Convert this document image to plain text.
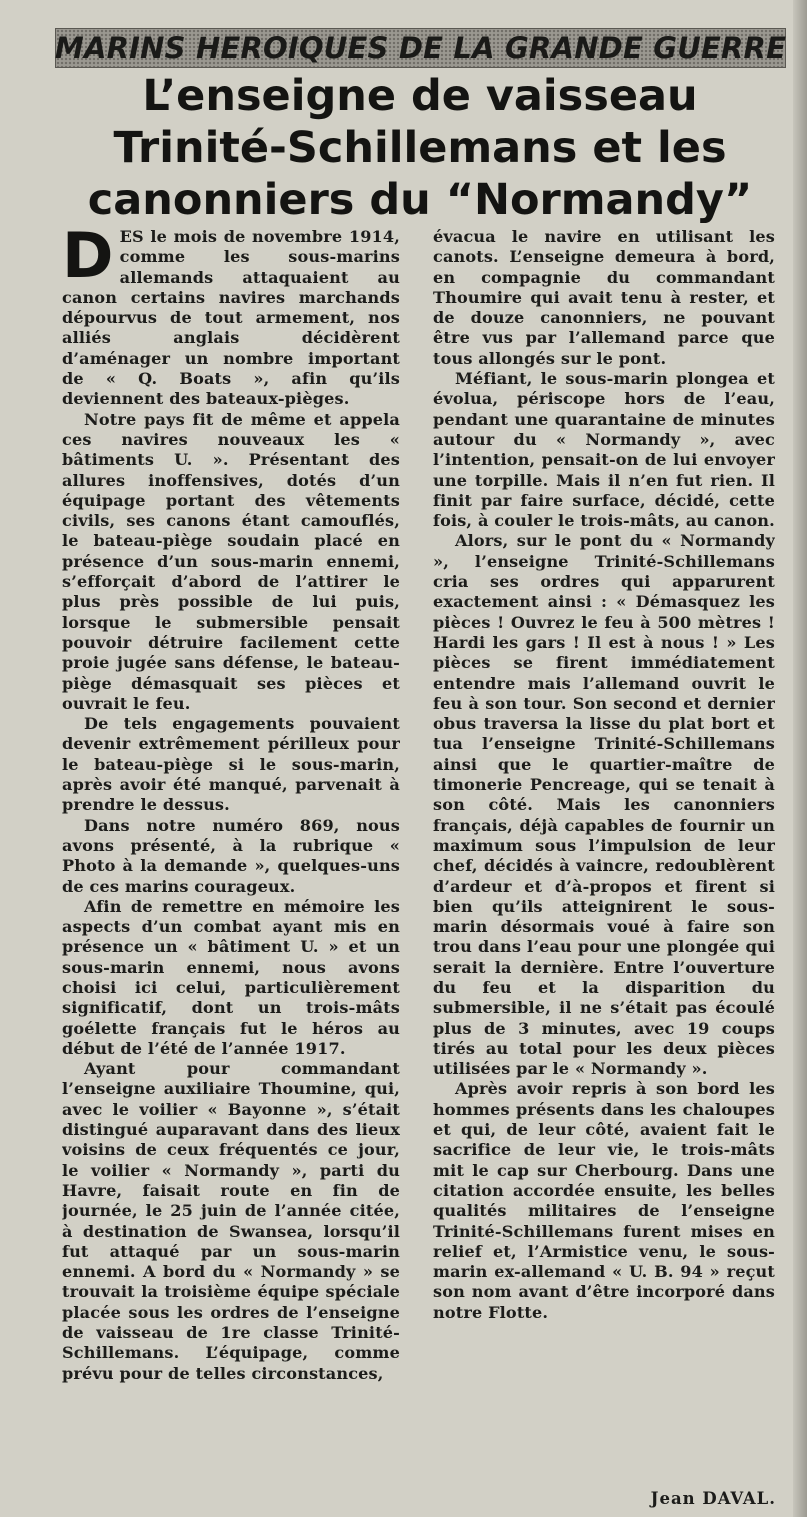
MARINS HEROIQUES DE LA GRANDE GUERRE
L’enseigne de vaisseau
Trinité-Schillemans et les
canonniers du “Normandy”

DES le mois de novembre 1914, comme les sous-marins allemands attaquaient au canon certains navires marchands dépourvus de tout armement, nos alliés anglais décidèrent d’aménager un nombre important de « Q. Boats », afin qu’ils deviennent des bateaux-pièges.

Notre pays fit de même et appela ces navires nouveaux les « bâtiments U. ». Présentant des allures inoffensives, dotés d’un équipage portant des vêtements civils, ses canons étant camouflés, le bateau-piège soudain placé en présence d’un sous-marin ennemi, s’efforçait d’abord de l’attirer le plus près possible de lui puis, lorsque le submersible pensait pouvoir détruire facilement cette proie jugée sans défense, le bateau-piège démasquait ses pièces et ouvrait le feu.

De tels engagements pouvaient devenir extrêmement périlleux pour le bateau-piège si le sous-marin, après avoir été manqué, parvenait à prendre le dessus.

Dans notre numéro 869, nous avons présenté, à la rubrique « Photo à la demande », quelques-uns de ces marins courageux.

Afin de remettre en mémoire les aspects d’un combat ayant mis en présence un « bâtiment U. » et un sous-marin ennemi, nous avons choisi ici celui, particulièrement significatif, dont un trois-mâts goélette français fut le héros au début de l’été de l’année 1917.

Ayant pour commandant l’enseigne auxiliaire Thoumine, qui, avec le voilier « Bayonne », s’était distingué auparavant dans des lieux voisins de ceux fréquentés ce jour, le voilier « Normandy », parti du Havre, faisait route en fin de journée, le 25 juin de l’année citée, à destination de Swansea, lorsqu’il fut attaqué par un sous-marin ennemi. A bord du « Normandy » se trouvait la troisième équipe spéciale placée sous les ordres de l’enseigne de vaisseau de 1re classe Trinité-Schillemans. L’équipage, comme prévu pour de telles circonstances,

évacua le navire en utilisant les canots. L’enseigne demeura à bord, en compagnie du commandant Thoumire qui avait tenu à rester, et de douze canonniers, ne pouvant être vus par l’allemand parce que tous allongés sur le pont.

Méfiant, le sous-marin plongea et évolua, périscope hors de l’eau, pendant une quarantaine de minutes autour du « Normandy », avec l’intention, pensait-on de lui envoyer une torpille. Mais il n’en fut rien. Il finit par faire surface, décidé, cette fois, à couler le trois-mâts, au canon.

Alors, sur le pont du « Normandy », l’enseigne Trinité-Schillemans cria ses ordres qui apparurent exactement ainsi : « Démasquez les pièces ! Ouvrez le feu à 500 mètres ! Hardi les gars ! Il est à nous ! » Les pièces se firent immédiatement entendre mais l’allemand ouvrit le feu à son tour. Son second et dernier obus traversa la lisse du plat bort et tua l’enseigne Trinité-Schillemans ainsi que le quartier-maître de timonerie Pencreage, qui se tenait à son côté. Mais les canonniers français, déjà capables de fournir un maximum sous l’impulsion de leur chef, décidés à vaincre, redoublèrent d’ardeur et d’à-propos et firent si bien qu’ils atteignirent le sous-marin désormais voué à faire son trou dans l’eau pour une plongée qui serait la dernière. Entre l’ouverture du feu et la disparition du submersible, il ne s’était pas écoulé plus de 3 minutes, avec 19 coups tirés au total pour les deux pièces utilisées par le « Normandy ».

Après avoir repris à son bord les hommes présents dans les chaloupes et qui, de leur côté, avaient fait le sacrifice de leur vie, le trois-mâts mit le cap sur Cherbourg. Dans une citation accordée ensuite, les belles qualités militaires de l’enseigne Trinité-Schillemans furent mises en relief et, l’Armistice venu, le sous-marin ex-allemand « U. B. 94 » reçut son nom avant d’être incorporé dans notre Flotte.

Jean DAVAL.
